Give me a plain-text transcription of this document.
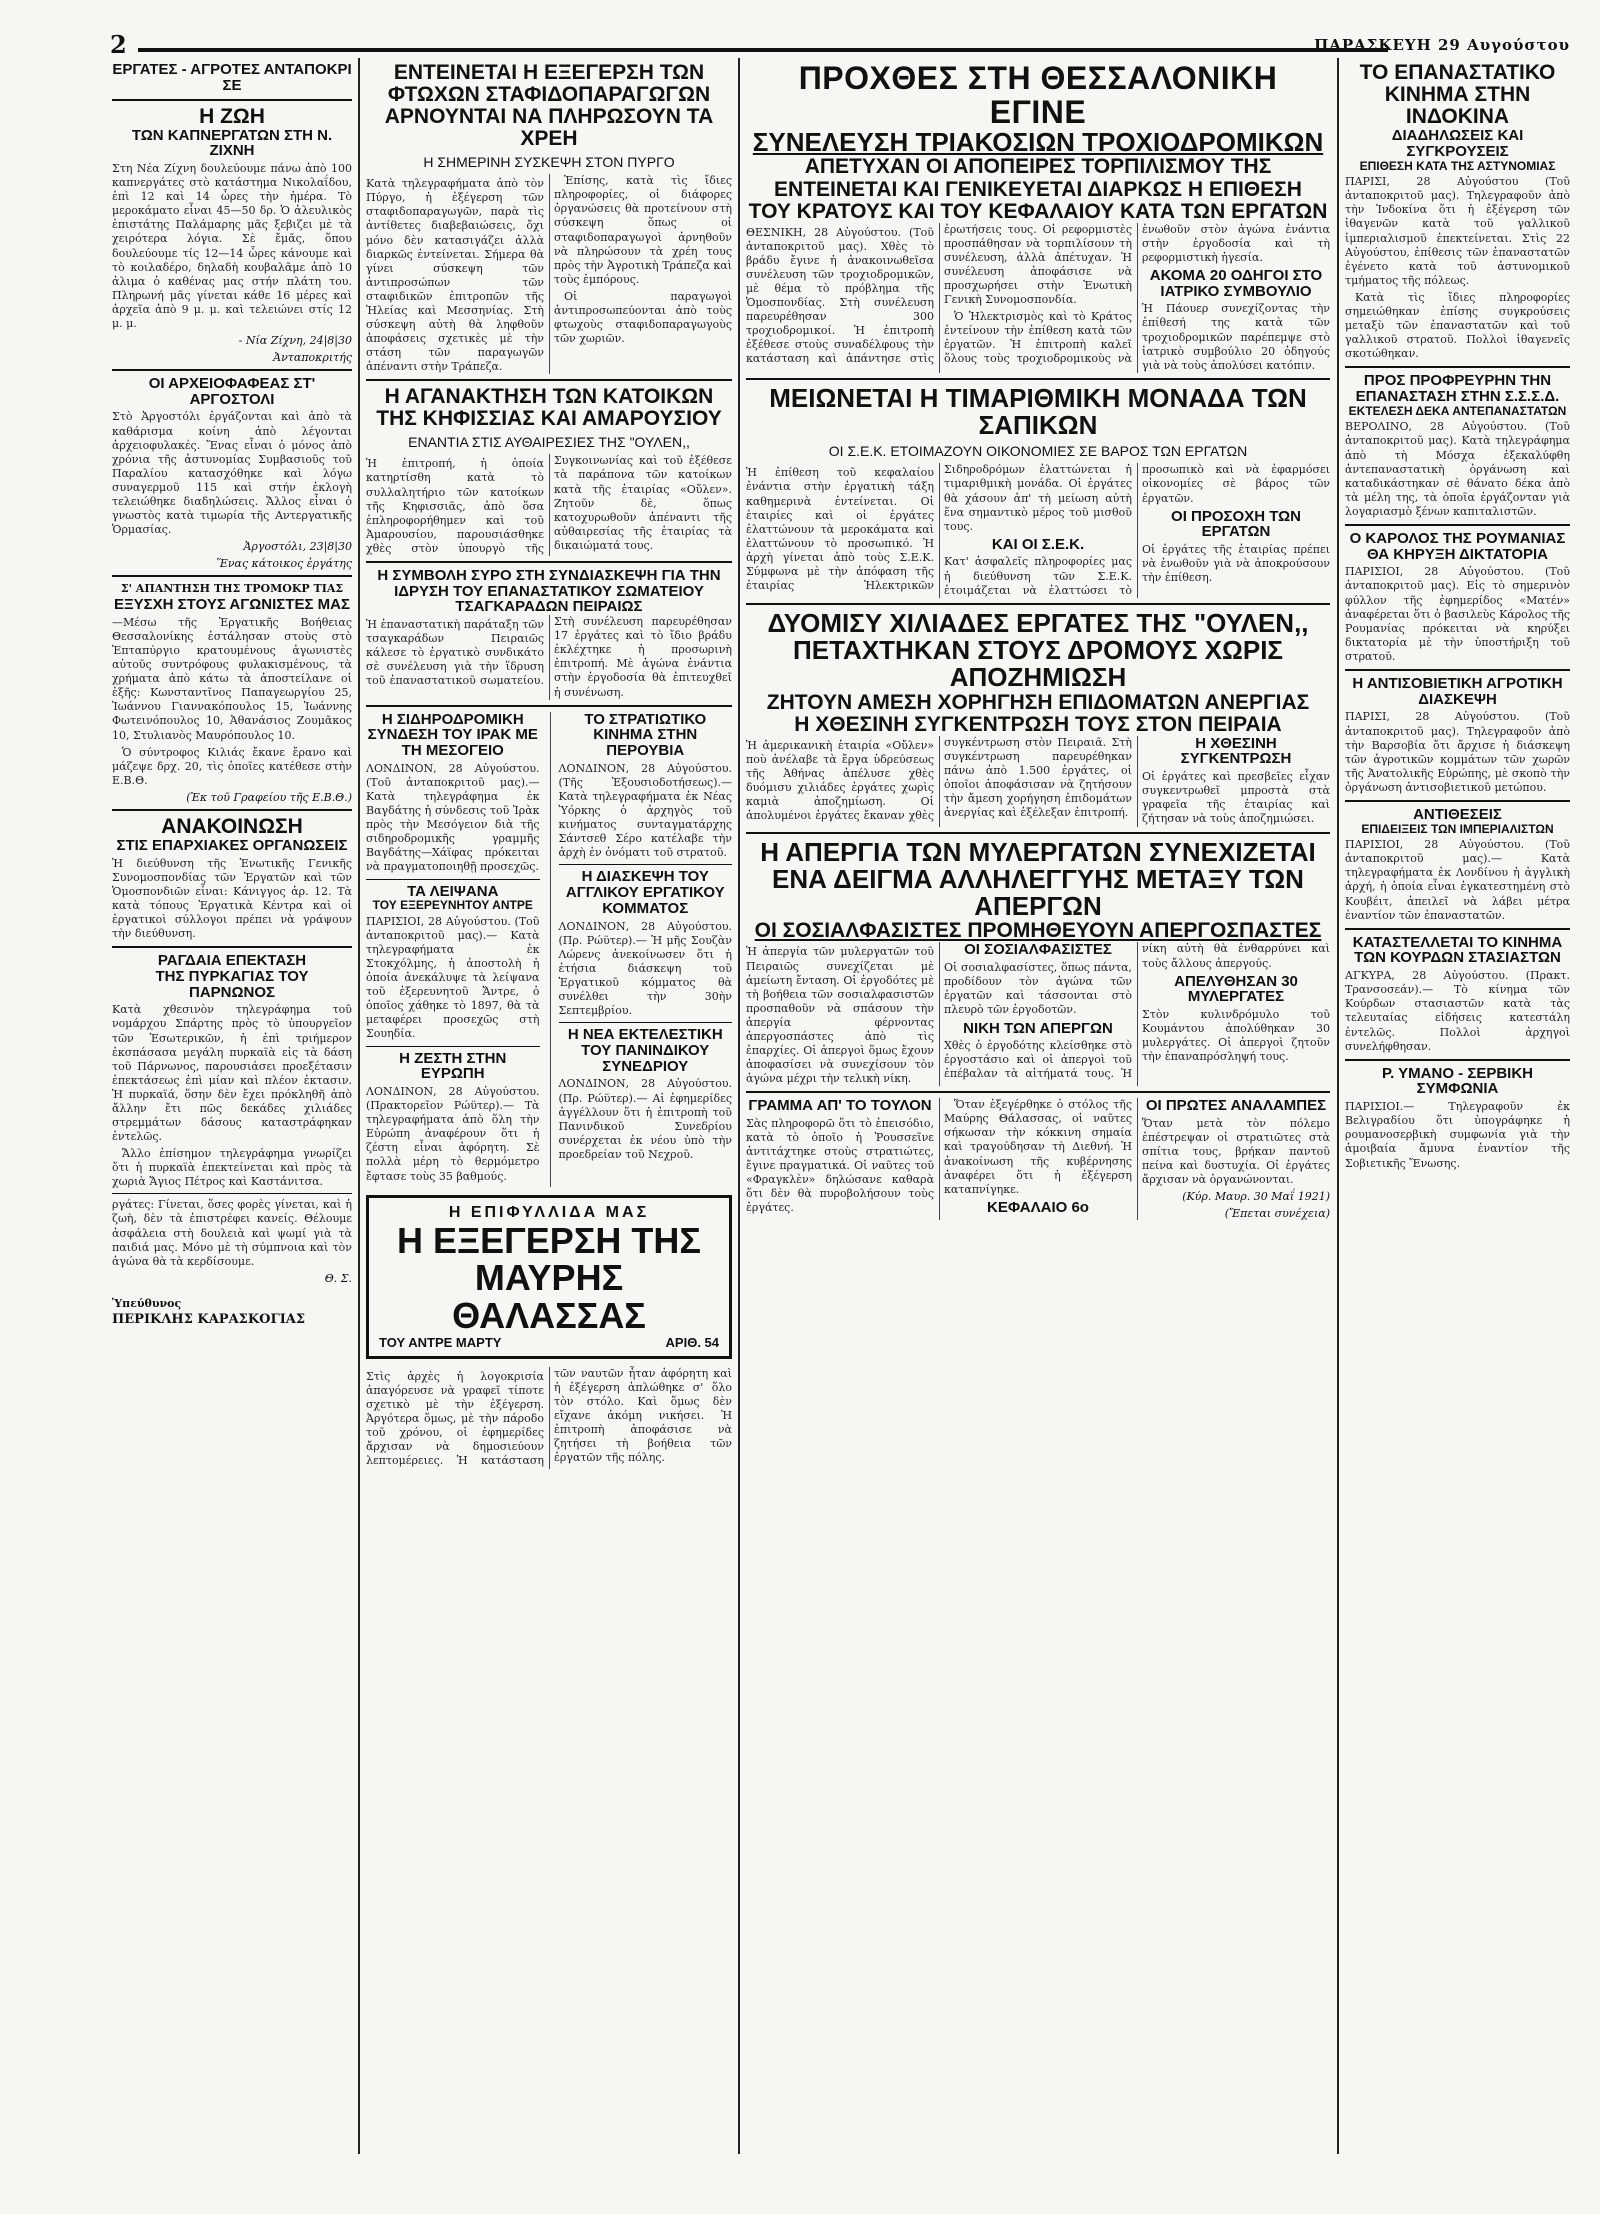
2	ΠΑΡΑΣΚΕΥΗ 29 Αυγούστου
ΕΡΓΑΤΕΣ - ΑΓΡΟΤΕΣ ΑΝΤΑΠΟΚΡΙ ΣΕ
Η ΖΩΗ
ΤΩΝ ΚΑΠΝΕΡΓΑΤΩΝ ΣΤΗ Ν. ΖΙΧΝΗ

Στη Νέα Ζίχνη δουλεύουμε πάνω ἀπὸ 100 καπνεργάτες στὸ κατάστημα Νικολαΐδου, ἐπὶ 12 καὶ 14 ὧρες τὴν ἡμέρα. Τὸ μεροκάματο εἶναι 45—50 δρ. Ὁ ἀλευλικὸς ἐπιστάτης Παλάμαρης μᾶς ξεβιζει μὲ τὰ χειρότερα λόγια. Σὲ ἔμᾶς, ὅπου δουλεύουμε τίς 12—14 ὧρες κάνουμε καὶ τὸ κοιλαδέρο, δηλαδὴ κουβαλᾶμε ἀπὸ 10 ἀλιμα ὁ καθένας μας στήν πλάτη του. Πληρωνή μᾶς γίνεται κάθε 16 μέρες καὶ ἀρχεῖα ἀπὸ 9 μ. μ. καὶ τελειώνει στίς 12 μ. μ.

- Νία Ζίχνη, 24|8|30
Ἀνταποκριτής
ΟΙ ΑΡΧΕΙΟΦΑΦΕΑΣ ΣΤ' ΑΡΓΟΣΤΟΛΙ

Στὸ Ἀργοστόλι ἐργάζονται καὶ ἀπὸ τὰ καθάρισμα κοίνη ἀπὸ λέγονται ἀρχειοφυλακές. Ἕνας εἶναι ὁ μόνος ἀπὸ χρόνια τῆς ἀστυνομίας Συμβασιοῦς τοῦ Παραλίου κατασχόθηκε καὶ λόγω συναγερμοῦ 115 καὶ στήν ἐκλογὴ τελειώθηκε διαδηλώσεις. Ἄλλος εἶναι ὁ γνωστὸς κατὰ τιμωρία τῆς Αντεργατικῆς Ὁρμασίας.

Ἀργοστόλι, 23|8|30
Ἕνας κάτοικος ἐργάτης
Σ' ΑΠΑΝΤΗΣΗ ΤΗΣ ΤΡΟΜΟΚΡ ΤΙΑΣ
ΕΞΥΣΧΗ ΣΤΟΥΣ ΑΓΩΝΙΣΤΕΣ ΜΑΣ

—Μέσω τῆς Ἐργατικῆς Βοήθειας Θεσσαλονίκης ἐστάλησαν στοὺς στὸ Ἐπταπύργιο κρατουμένους ἀγωνιστὲς αὐτοῦς συντρόφους φυλακισμένους, τὰ χρήματα ἀπὸ κάτω τὰ ἀποστείλανε οἱ ἑξῆς: Κωνσταντῖνος Παπαγεωργίου 25, Ἰωάννου Γιαννακόπουλος 15, Ἰωάννης Φωτεινόπουλος 10, Ἀθανάσιος Ζουμᾶκος 10, Στυλιανὸς Μαυρόπουλος 10.

Ὁ σύντροφος Κιλιάς ἔκανε ἔρανο καὶ μάζεψε δρχ. 20, τὶς ὁποῖες κατέθεσε στὴν Ε.Β.Θ.

(Ἐκ τοῦ Γραφείου τῆς Ε.Β.Θ.)
ΑΝΑΚΟΙΝΩΣΗ
ΣΤΙΣ ΕΠΑΡΧΙΑΚΕΣ ΟΡΓΑΝΩΣΕΙΣ

Ἡ διεύθυνση τῆς Ἑνωτικῆς Γενικῆς Συνομοσπονδίας τῶν Ἐργατῶν καὶ τῶν Ὁμοσπονδιῶν εἶναι: Κάνιγγος ἀρ. 12. Τὰ κατὰ τόπους Ἐργατικὰ Κέντρα καὶ οἱ ἐργατικοὶ σύλλογοι πρέπει νὰ γράψουν τὴν διεύθυνση.

ΡΑΓΔΑΙΑ ΕΠΕΚΤΑΣΗ
ΤΗΣ ΠΥΡΚΑΓΙΑΣ ΤΟΥ ΠΑΡΝΩΝΟΣ

Κατὰ χθεσινὸν τηλεγράφημα τοῦ νομάρχου Σπάρτης πρὸς τὸ ὑπουργεῖον τῶν Ἐσωτερικῶν, ἡ ἐπὶ τριήμερον ἐκσπάσασα μεγάλη πυρκαϊὰ εἰς τὰ δάση τοῦ Πάρνωνος, παρουσιάσει προεξέτασιν ἐπεκτάσεως ἐπὶ μίαν καὶ πλέον ἐκτασιν. Ἡ πυρκαϊά, ὅσην δὲν ἔχει πρόκληθῆ ἀπὸ ἄλλην ἔτι πῶς δεκάδες χιλιάδες στρεμμάτων δάσους καταστράφηκαν ἐντελῶς.

Ἄλλο ἐπίσημον τηλεγράφημα γνωρίζει ὅτι ἡ πυρκαϊὰ ἐπεκτείνεται καὶ πρὸς τὰ χωριὰ Ἄγιος Πέτρος καὶ Καστάνιτσα.

ργάτες: Γίνεται, ὅσες φορὲς γίνεται, καὶ ἡ ζωὴ, δὲν τὰ ἐπιστρέφει κανείς. Θέλουμε ἀσφάλεια στὴ δουλειὰ καὶ ψωμί γιὰ τὰ παιδιά μας. Μόνο μὲ τὴ σύμπνοια καὶ τὸν ἀγώνα θὰ τὰ κερδίσουμε.

Θ. Σ.
Ὑπεύθυνος
ΠΕΡΙΚΛΗΣ ΚΑΡΑΣΚΟΓΙΑΣ
ΕΝΤΕΙΝΕΤΑΙ Η ΕΞΕΓΕΡΣΗ ΤΩΝ ΦΤΩΧΩΝ ΣΤΑΦΙΔΟΠΑΡΑΓΩΓΩΝ
ΑΡΝΟΥΝΤΑΙ ΝΑ ΠΛΗΡΩΣΟΥΝ ΤΑ ΧΡΕΗ
Η ΣΗΜΕΡΙΝΗ ΣΥΣΚΕΨΗ ΣΤΟΝ ΠΥΡΓΟ

Κατὰ τηλεγραφήματα ἀπὸ τὸν Πύργο, ἡ ἐξέγερση τῶν σταφιδοπαραγωγῶν, παρὰ τὶς ἀντίθετες διαβεβαιώσεις, ὄχι μόνο δὲν κατασιγάζει ἀλλὰ διαρκῶς ἐντείνεται. Σήμερα θὰ γίνει σύσκεψη τῶν ἀντιπροσώπων τῶν σταφιδικῶν ἐπιτροπῶν τῆς Ἠλείας καὶ Μεσσηνίας. Στὴ σύσκεψη αὐτὴ θὰ ληφθοῦν ἀποφάσεις σχετικὲς μὲ τὴν στάση τῶν παραγωγῶν ἀπέναντι στὴν Τράπεζα.

Ἐπίσης, κατὰ τὶς ἴδιες πληροφορίες, οἱ διάφορες ὀργανώσεις θὰ προτείνουν στὴ σύσκεψη ὅπως οἱ σταφιδοπαραγωγοὶ ἀρνηθοῦν νὰ πληρώσουν τὰ χρέη τους πρὸς τὴν Ἀγροτικὴ Τράπεζα καὶ τοὺς ἐμπόρους.

Οἱ παραγωγοὶ ἀντιπροσωπεύονται ἀπὸ τοὺς φτωχοὺς σταφιδοπαραγωγοὺς τῶν χωριῶν.

Η ΑΓΑΝΑΚΤΗΣΗ ΤΩΝ ΚΑΤΟΙΚΩΝ ΤΗΣ ΚΗΦΙΣΣΙΑΣ ΚΑΙ ΑΜΑΡΟΥΣΙΟΥ
ΕΝΑΝΤΙΑ ΣΤΙΣ ΑΥΘΑΙΡΕΣΙΕΣ ΤΗΣ "ΟΥΛΕΝ,,

Ἡ ἐπιτροπή, ἡ ὁποία κατηρτίσθη κατὰ τὸ συλλαλητήριο τῶν κατοίκων τῆς Κηφισσιᾶς, ἀπὸ ὅσα ἐπληροφορήθημεν καὶ τοῦ Ἀμαρουσίου, παρουσιάσθηκε χθὲς στὸν ὑπουργὸ τῆς Συγκοινωνίας καὶ τοῦ ἐξέθεσε τὰ παράπονα τῶν κατοίκων κατὰ τῆς ἑταιρίας «Οὔλεν». Ζητοῦν δὲ, ὅπως κατοχυρωθοῦν ἀπέναντι τῆς αὐθαιρεσίας τῆς ἑταιρίας τὰ δικαιώματά τους.

Η ΣΥΜΒΟΛΗ ΣΥΡΟ ΣΤΗ ΣΥΝΔΙΑΣΚΕΨΗ ΓΙΑ ΤΗΝ ΙΔΡΥΣΗ ΤΟΥ ΕΠΑΝΑΣΤΑΤΙΚΟΥ ΣΩΜΑΤΕΙΟΥ ΤΣΑΓΚΑΡΑΔΩΝ ΠΕΙΡΑΙΩΣ

Ἡ ἐπαναστατικὴ παράταξη τῶν τσαγκαράδων Πειραιῶς κάλεσε τὸ ἐργατικὸ συνδικάτο σὲ συνέλευση γιὰ τὴν ἵδρυση τοῦ ἐπαναστατικοῦ σωματείου. Στὴ συνέλευση παρευρέθησαν 17 ἐργάτες καὶ τὸ ἴδιο βράδυ ἐκλέχτηκε ἡ προσωρινὴ ἐπιτροπή. Μὲ ἀγώνα ἐνάντια στὴν ἐργοδοσία θὰ ἐπιτευχθεῖ ἡ συνένωση.

Η ΣΙΔΗΡΟΔΡΟΜΙΚΗ ΣΥΝΔΕΣΗ ΤΟΥ ΙΡΑΚ ΜΕ ΤΗ ΜΕΣΟΓΕΙΟ

ΛΟΝΔΙΝΟΝ, 28 Αὐγούστου. (Τοῦ ἀνταποκριτοῦ μας).— Κατὰ τηλεγράφημα ἐκ Βαγδάτης ἡ σύνδεσις τοῦ Ἰρὰκ πρὸς τὴν Μεσόγειον διὰ τῆς σιδηροδρομικῆς γραμμῆς Βαγδάτης—Χάϊφας πρόκειται νὰ πραγματοποιηθῇ προσεχῶς.

ΤΑ ΛΕΙΨΑΝΑ
ΤΟΥ ΕΞΕΡΕΥΝΗΤΟΥ ΑΝΤΡΕ

ΠΑΡΙΣΙΟΙ, 28 Αὐγούστου. (Τοῦ ἀνταποκριτοῦ μας).— Κατὰ τηλεγραφήματα ἐκ Στοκχόλμης, ἡ ἀποστολὴ ἡ ὁποία ἀνεκάλυψε τὰ λείψανα τοῦ ἐξερευνητοῦ Ἄντρε, ὁ ὁποῖος χάθηκε τὸ 1897, θὰ τὰ μεταφέρει προσεχῶς στὴ Σουηδία.

Η ΖΕΣΤΗ ΣΤΗΝ ΕΥΡΩΠΗ

ΛΟΝΔΙΝΟΝ, 28 Αὐγούστου. (Πρακτορεῖον Ρώϋτερ).— Τὰ τηλεγραφήματα ἀπὸ ὅλη τὴν Εὐρώπη ἀναφέρουν ὅτι ἡ ζέστη εἶναι ἀφόρητη. Σὲ πολλὰ μέρη τὸ θερμόμετρο ἔφτασε τοὺς 35 βαθμούς.

ΤΟ ΣΤΡΑΤΙΩΤΙΚΟ ΚΙΝΗΜΑ ΣΤΗΝ ΠΕΡΟΥΒΙΑ

ΛΟΝΔΙΝΟΝ, 28 Αὐγούστου. (Τῆς Ἐξουσιοδοτήσεως).— Κατὰ τηλεγραφήματα ἐκ Νέας Ὑόρκης ὁ ἀρχηγὸς τοῦ κινήματος συνταγματάρχης Σάντσεθ Σέρο κατέλαβε τὴν ἀρχὴ ἐν ὀνόματι τοῦ στρατοῦ.

Η ΔΙΑΣΚΕΨΗ ΤΟΥ ΑΓΓΛΙΚΟΥ ΕΡΓΑΤΙΚΟΥ ΚΟΜΜΑΤΟΣ

ΛΟΝΔΙΝΟΝ, 28 Αὐγούστου. (Πρ. Ρώϋτερ).— Ἡ μῆς Σουζὰν Λώρενς ἀνεκοίνωσεν ὅτι ἡ ἐτήσια διάσκεψη τοῦ Ἐργατικοῦ κόμματος θὰ συνέλθει τὴν 30ὴν Σεπτεμβρίου.

Η ΝΕΑ ΕΚΤΕΛΕΣΤΙΚΗ ΤΟΥ ΠΑΝΙΝΔΙΚΟΥ ΣΥΝΕΔΡΙΟΥ

ΛΟΝΔΙΝΟΝ, 28 Αὐγούστου. (Πρ. Ρώϋτερ).— Αἱ ἐφημερίδες ἀγγέλλουν ὅτι ἡ ἐπιτροπὴ τοῦ Πανινδικοῦ Συνεδρίου συνέρχεται ἐκ νέου ὑπὸ τὴν προεδρείαν τοῦ Νεχροῦ.

Η ΕΠΙΦΥΛΛΙΔΑ ΜΑΣ
Η ΕΞΕΓΕΡΣΗ ΤΗΣ ΜΑΥΡΗΣ ΘΑΛΑΣΣΑΣ
ΤΟΥ ΑΝΤΡΕ ΜΑΡΤΥ	ΑΡΙΘ. 54

Στὶς ἀρχὲς ἡ λογοκρισία ἀπαγόρευσε νὰ γραφεῖ τίποτε σχετικὸ μὲ τὴν ἐξέγερση. Ἀργότερα ὅμως, μὲ τὴν πάροδο τοῦ χρόνου, οἱ ἐφημερίδες ἄρχισαν νὰ δημοσιεύουν λεπτομέρειες. Ἡ κατάσταση τῶν ναυτῶν ἦταν ἀφόρητη καὶ ἡ ἐξέγερση ἀπλώθηκε σ' ὅλο τὸν στόλο. Καὶ ὅμως δὲν εἴχανε ἀκόμη νικήσει. Ἡ ἐπιτροπὴ ἀποφάσισε νὰ ζητήσει τὴ βοήθεια τῶν ἐργατῶν τῆς πόλης.

ΠΡΟΧΘΕΣ ΣΤΗ ΘΕΣΣΑΛΟΝΙΚΗ ΕΓΙΝΕ
ΣΥΝΕΛΕΥΣΗ ΤΡΙΑΚΟΣΙΩΝ ΤΡΟΧΙΟΔΡΟΜΙΚΩΝ
ΑΠΕΤΥΧΑΝ ΟΙ ΑΠΟΠΕΙΡΕΣ ΤΟΡΠΙΛΙΣΜΟΥ ΤΗΣ
ΕΝΤΕΙΝΕΤΑΙ ΚΑΙ ΓΕΝΙΚΕΥΕΤΑΙ ΔΙΑΡΚΩΣ Η ΕΠΙΘΕΣΗ
ΤΟΥ ΚΡΑΤΟΥΣ ΚΑΙ ΤΟΥ ΚΕΦΑΛΑΙΟΥ ΚΑΤΑ ΤΩΝ ΕΡΓΑΤΩΝ

ΘΕΣΝΙΚΗ, 28 Αὐγούστου. (Τοῦ ἀνταποκριτοῦ μας). Χθὲς τὸ βράδυ ἔγινε ἡ ἀνακοινωθεῖσα συνέλευση τῶν τροχιοδρομικῶν, μὲ θέμα τὸ πρόβλημα τῆς Ὁμοσπονδίας. Στὴ συνέλευση παρευρέθησαν 300 τροχιοδρομικοί. Ἡ ἐπιτροπὴ ἐξέθεσε στοὺς συναδέλφους τὴν κατάσταση καὶ ἀπάντησε στὶς ἐρωτήσεις τους. Οἱ ρεφορμιστὲς προσπάθησαν νὰ τορπιλίσουν τὴ συνέλευση, ἀλλὰ ἀπέτυχαν. Ἡ συνέλευση ἀποφάσισε νὰ προσχωρήσει στὴν Ἑνωτικὴ Γενικὴ Συνομοσπονδία.

Ὁ Ἡλεκτρισμὸς καὶ τὸ Κράτος ἐντείνουν τὴν ἐπίθεση κατὰ τῶν ἐργατῶν. Ἡ ἐπιτροπὴ καλεῖ ὅλους τοὺς τροχιοδρομικοὺς νὰ ἑνωθοῦν στὸν ἀγώνα ἐνάντια στὴν ἐργοδοσία καὶ τὴ ρεφορμιστικὴ ἡγεσία.

ΑΚΟΜΑ 20 ΟΔΗΓΟΙ ΣΤΟ ΙΑΤΡΙΚΟ ΣΥΜΒΟΥΛΙΟ

Ἡ Πάουερ συνεχίζοντας τὴν ἐπίθεσή της κατὰ τῶν τροχιοδρομικῶν παρέπεμψε στὸ ἰατρικὸ συμβούλιο 20 ὁδηγούς γιὰ νὰ τοὺς ἀπολύσει κατόπιν.

ΜΕΙΩΝΕΤΑΙ Η ΤΙΜΑΡΙΘΜΙΚΗ ΜΟΝΑΔΑ ΤΩΝ ΣΑΠΙΚΩΝ
ΟΙ Σ.Ε.Κ. ΕΤΟΙΜΑΖΟΥΝ ΟΙΚΟΝΟΜΙΕΣ ΣΕ ΒΑΡΟΣ ΤΩΝ ΕΡΓΑΤΩΝ

Ἡ ἐπίθεση τοῦ κεφαλαίου ἐνάντια στὴν ἐργατικὴ τάξη καθημερινὰ ἐντείνεται. Οἱ ἑταιρίες καὶ οἱ ἐργάτες ἐλαττώνουν τὰ μεροκάματα καὶ ἐλαττώνουν τὸ προσωπικό. Ἡ ἀρχὴ γίνεται ἀπὸ τοὺς Σ.Ε.Κ. Σύμφωνα μὲ τὴν ἀπόφαση τῆς ἑταιρίας Ἡλεκτρικῶν Σιδηροδρόμων ἐλαττώνεται ἡ τιμαριθμικὴ μονάδα. Οἱ ἐργάτες θὰ χάσουν ἀπ' τὴ μείωση αὐτὴ ἕνα σημαντικὸ μέρος τοῦ μισθοῦ τους.

ΚΑΙ ΟΙ Σ.Ε.Κ.

Κατ' ἀσφαλεῖς πληροφορίες μας ἡ διεύθυνση τῶν Σ.Ε.Κ. ἑτοιμάζεται νὰ ἐλαττώσει τὸ προσωπικὸ καὶ νὰ ἐφαρμόσει οἰκονομίες σὲ βάρος τῶν ἐργατῶν.

ΟΙ ΠΡΟΣΟΧΗ ΤΩΝ ΕΡΓΑΤΩΝ

Οἱ ἐργάτες τῆς ἑταιρίας πρέπει νὰ ἑνωθοῦν γιὰ νὰ ἀποκρούσουν τὴν ἐπίθεση.

ΔΥΟΜΙΣΥ ΧΙΛΙΑΔΕΣ ΕΡΓΑΤΕΣ ΤΗΣ "ΟΥΛΕΝ,,
ΠΕΤΑΧΤΗΚΑΝ ΣΤΟΥΣ ΔΡΟΜΟΥΣ ΧΩΡΙΣ ΑΠΟΖΗΜΙΩΣΗ
ΖΗΤΟΥΝ ΑΜΕΣΗ ΧΟΡΗΓΗΣΗ ΕΠΙΔΟΜΑΤΩΝ ΑΝΕΡΓΙΑΣ
Η ΧΘΕΣΙΝΗ ΣΥΓΚΕΝΤΡΩΣΗ ΤΟΥΣ ΣΤΟΝ ΠΕΙΡΑΙΑ

Ἡ ἀμερικανικὴ ἑταιρία «Οὔλεν» ποὺ ἀνέλαβε τὰ ἔργα ὑδρεύσεως τῆς Ἀθήνας ἀπέλυσε χθὲς δυόμισυ χιλιάδες ἐργάτες χωρὶς καμιὰ ἀποζημίωση. Οἱ ἀπολυμένοι ἐργάτες ἔκαναν χθὲς συγκέντρωση στὸν Πειραιᾶ. Στὴ συγκέντρωση παρευρέθηκαν πάνω ἀπὸ 1.500 ἐργάτες, οἱ ὁποῖοι ἀποφάσισαν νὰ ζητήσουν τὴν ἄμεση χορήγηση ἐπιδομάτων ἀνεργίας καὶ ἐξέλεξαν ἐπιτροπή.

Η ΧΘΕΣΙΝΗ ΣΥΓΚΕΝΤΡΩΣΗ

Οἱ ἐργάτες καὶ πρεσβεῖες εἶχαν συγκεντρωθεῖ μπροστὰ στὰ γραφεῖα τῆς ἑταιρίας καὶ ζήτησαν νὰ τοὺς ἀποζημιώσει.

Η ΑΠΕΡΓΙΑ ΤΩΝ ΜΥΛΕΡΓΑΤΩΝ ΣΥΝΕΧΙΖΕΤΑΙ
ΕΝΑ ΔΕΙΓΜΑ ΑΛΛΗΛΕΓΓΥΗΣ ΜΕΤΑΞΥ ΤΩΝ ΑΠΕΡΓΩΝ
ΟΙ ΣΟΣΙΑΛΦΑΣΙΣΤΕΣ ΠΡΟΜΗΘΕΥΟΥΝ ΑΠΕΡΓΟΣΠΑΣΤΕΣ

Ἡ ἀπεργία τῶν μυλεργατῶν τοῦ Πειραιῶς συνεχίζεται μὲ ἀμείωτη ἔνταση. Οἱ ἐργοδότες μὲ τὴ βοήθεια τῶν σοσιαλφασιστῶν προσπαθοῦν νὰ σπάσουν τὴν ἀπεργία φέρνοντας ἀπεργοσπάστες ἀπὸ τὶς ἐπαρχίες. Οἱ ἀπεργοὶ ὅμως ἔχουν ἀποφασίσει νὰ συνεχίσουν τὸν ἀγώνα μέχρι τὴν τελικὴ νίκη.

ΟΙ ΣΟΣΙΑΛΦΑΣΙΣΤΕΣ

Οἱ σοσιαλφασίστες, ὅπως πάντα, προδίδουν τὸν ἀγώνα τῶν ἐργατῶν καὶ τάσσονται στὸ πλευρὸ τῶν ἐργοδοτῶν.

ΝΙΚΗ ΤΩΝ ΑΠΕΡΓΩΝ

Χθὲς ὁ ἐργοδότης κλείσθηκε στὸ ἐργοστάσιο καὶ οἱ ἀπεργοὶ τοῦ ἐπέβαλαν τὰ αἰτήματά τους. Ἡ νίκη αὐτὴ θὰ ἐνθαρρύνει καὶ τοὺς ἄλλους ἀπεργούς.

ΑΠΕΛΥΘΗΣΑΝ 30 ΜΥΛΕΡΓΑΤΕΣ

Στὸν κυλινδρόμυλο τοῦ Κουμάντου ἀπολύθηκαν 30 μυλεργάτες. Οἱ ἀπεργοὶ ζητοῦν τὴν ἐπαναπρόσληψή τους.

ΓΡΑΜΜΑ ΑΠ' ΤΟ ΤΟΥΛΟΝ

Σὰς πληροφορῶ ὅτι τὸ ἐπεισόδιο, κατὰ τὸ ὁποῖο ἡ Ῥουσσεῖνε ἀντιτάχτηκε στοὺς στρατιώτες, ἔγινε πραγματικά. Οἱ ναῦτες τοῦ «Φραγκλὲν» δηλώσανε καθαρὰ ὅτι δὲν θὰ πυροβολήσουν τοὺς ἐργάτες.

Ὅταν ἐξεγέρθηκε ὁ στόλος τῆς Μαύρης Θάλασσας, οἱ ναῦτες σήκωσαν τὴν κόκκινη σημαία καὶ τραγούδησαν τὴ Διεθνή. Ἡ ἀνακοίνωση τῆς κυβέρνησης ἀναφέρει ὅτι ἡ ἐξέγερση καταπνίγηκε.

ΚΕΦΑΛΑΙΟ 6ο
ΟΙ ΠΡΩΤΕΣ ΑΝΑΛΑΜΠΕΣ

Ὅταν μετὰ τὸν πόλεμο ἐπέστρεψαν οἱ στρατιῶτες στὰ σπίτια τους, βρήκαν παντοῦ πείνα καὶ δυστυχία. Οἱ ἐργάτες ἄρχισαν νὰ ὀργανώνονται.

(Κύρ. Μαυρ. 30 Μαΐ 1921)
(Ἔπεται συνέχεια)
ΤΟ ΕΠΑΝΑΣΤΑΤΙΚΟ ΚΙΝΗΜΑ ΣΤΗΝ ΙΝΔΟΚΙΝΑ
ΔΙΑΔΗΛΩΣΕΙΣ ΚΑΙ ΣΥΓΚΡΟΥΣΕΙΣ
ΕΠΙΘΕΣΗ ΚΑΤΑ ΤΗΣ ΑΣΤΥΝΟΜΙΑΣ

ΠΑΡΙΣΙ, 28 Αὐγούστου (Τοῦ ἀνταποκριτοῦ μας). Τηλεγραφοῦν ἀπὸ τὴν Ἰνδοκίνα ὅτι ἡ ἐξέγερση τῶν ἰθαγενῶν κατὰ τοῦ γαλλικοῦ ἰμπεριαλισμοῦ ἐπεκτείνεται. Στὶς 22 Αὐγούστου, ἐπίθεσις τῶν ἐπαναστατῶν ἐγένετο κατὰ τοῦ ἀστυνομικοῦ τμήματος τῆς πόλεως.

Κατὰ τὶς ἴδιες πληροφορίες σημειώθηκαν ἐπίσης συγκρούσεις μεταξὺ τῶν ἐπαναστατῶν καὶ τοῦ γαλλικοῦ στρατοῦ. Πολλοὶ ἰθαγενεῖς σκοτώθηκαν.

ΠΡΟΣ ΠΡΟΦΡΕΥΡΗΝ ΤΗΝ ΕΠΑΝΑΣΤΑΣΗ ΣΤΗΝ Σ.Σ.Σ.Δ.
ΕΚΤΕΛΕΣΗ ΔΕΚΑ ΑΝΤΕΠΑΝΑΣΤΑΤΩΝ

ΒΕΡΟΛΙΝΟ, 28 Αὐγούστου. (Τοῦ ἀνταποκριτοῦ μας). Κατὰ τηλεγράφημα ἀπὸ τὴ Μόσχα ἐξεκαλύφθη ἀντεπαναστατικὴ ὀργάνωση καὶ καταδικάστηκαν σὲ θάνατο δέκα ἀπὸ τὰ μέλη της, τὰ ὁποῖα ἐργάζονταν γιὰ λογαριασμὸ ξένων καπιταλιστῶν.

Ο ΚΑΡΟΛΟΣ ΤΗΣ ΡΟΥΜΑΝΙΑΣ ΘΑ ΚΗΡΥΞΗ ΔΙΚΤΑΤΟΡΙΑ

ΠΑΡΙΣΙΟΙ, 28 Αὐγούστου. (Τοῦ ἀνταποκριτοῦ μας). Εἰς τὸ σημερινὸν φύλλον τῆς ἐφημερίδος «Ματέν» ἀναφέρεται ὅτι ὁ βασιλεὺς Κάρολος τῆς Ρουμανίας πρόκειται νὰ κηρύξει δικτατορία μὲ τὴν ὑποστήριξη τοῦ στρατοῦ.

Η ΑΝΤΙΣΟΒΙΕΤΙΚΗ ΑΓΡΟΤΙΚΗ ΔΙΑΣΚΕΨΗ

ΠΑΡΙΣΙ, 28 Αὐγούστου. (Τοῦ ἀνταποκριτοῦ μας). Τηλεγραφοῦν ἀπὸ τὴν Βαρσοβία ὅτι ἄρχισε ἡ διάσκεψη τῶν ἀγροτικῶν κομμάτων τῶν χωρῶν τῆς Ἀνατολικῆς Εὐρώπης, μὲ σκοπὸ τὴν ὀργάνωση ἀντισοβιετικοῦ μετώπου.

ΑΝΤΙΘΕΣΕΙΣ
ΕΠΙΔΕΙΞΕΙΣ ΤΩΝ ΙΜΠΕΡΙΑΛΙΣΤΩΝ

ΠΑΡΙΣΙΟΙ, 28 Αὐγούστου. (Τοῦ ἀνταποκριτοῦ μας).— Κατὰ τηλεγραφήματα ἐκ Λονδίνου ἡ ἀγγλικὴ ἀρχή, ἡ ὁποία εἶναι ἐγκατεστημένη στὸ Κουβέιτ, ἀπειλεῖ νὰ λάβει μέτρα ἐναντίον τῶν ἐπαναστατῶν.

ΚΑΤΑΣΤΕΛΛΕΤΑΙ ΤΟ ΚΙΝΗΜΑ ΤΩΝ ΚΟΥΡΔΩΝ ΣΤΑΣΙΑΣΤΩΝ

ΑΓΚΥΡΑ, 28 Αὐγούστου. (Πρακτ. Τρανσοσεάν).— Τὸ κίνημα τῶν Κούρδων στασιαστῶν κατὰ τὰς τελευταίας εἰδήσεις κατεστάλη ἐντελῶς. Πολλοὶ ἀρχηγοὶ συνελήφθησαν.

Ρ. ΥΜΑΝΟ - ΣΕΡΒΙΚΗ ΣΥΜΦΩΝΙΑ

ΠΑΡΙΣΙΟΙ.— Τηλεγραφοῦν ἐκ Βελιγραδίου ὅτι ὑπογράφηκε ἡ ρουμανοσερβικὴ συμφωνία γιὰ τὴν ἀμοιβαία ἄμυνα ἐναντίον τῆς Σοβιετικῆς Ἕνωσης.
